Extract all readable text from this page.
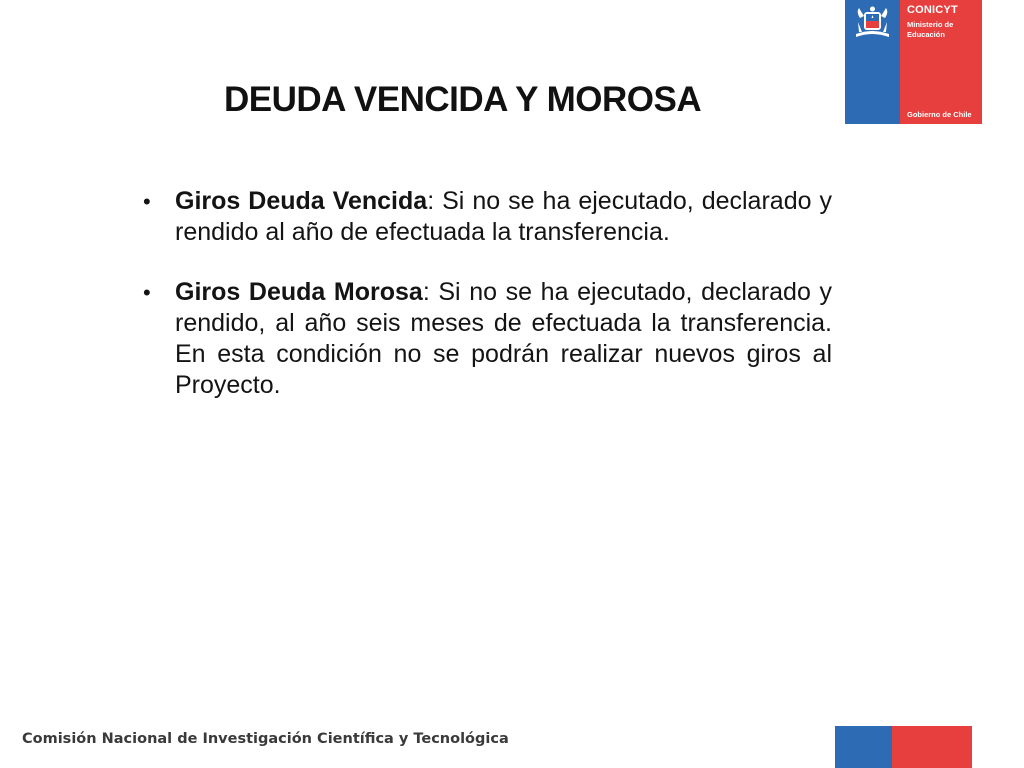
CONICYT
Ministerio de Educación
Gobierno de Chile
DEUDA VENCIDA Y MOROSA
• Giros Deuda Vencida: Si no se ha ejecutado, declarado y rendido al año de efectuada la transferencia.
• Giros Deuda Morosa: Si no se ha ejecutado, declarado y rendido, al año seis meses de efectuada la transferencia. En esta condición no se podrán realizar nuevos giros al Proyecto.
Comisión Nacional de Investigación Científica y Tecnológica
